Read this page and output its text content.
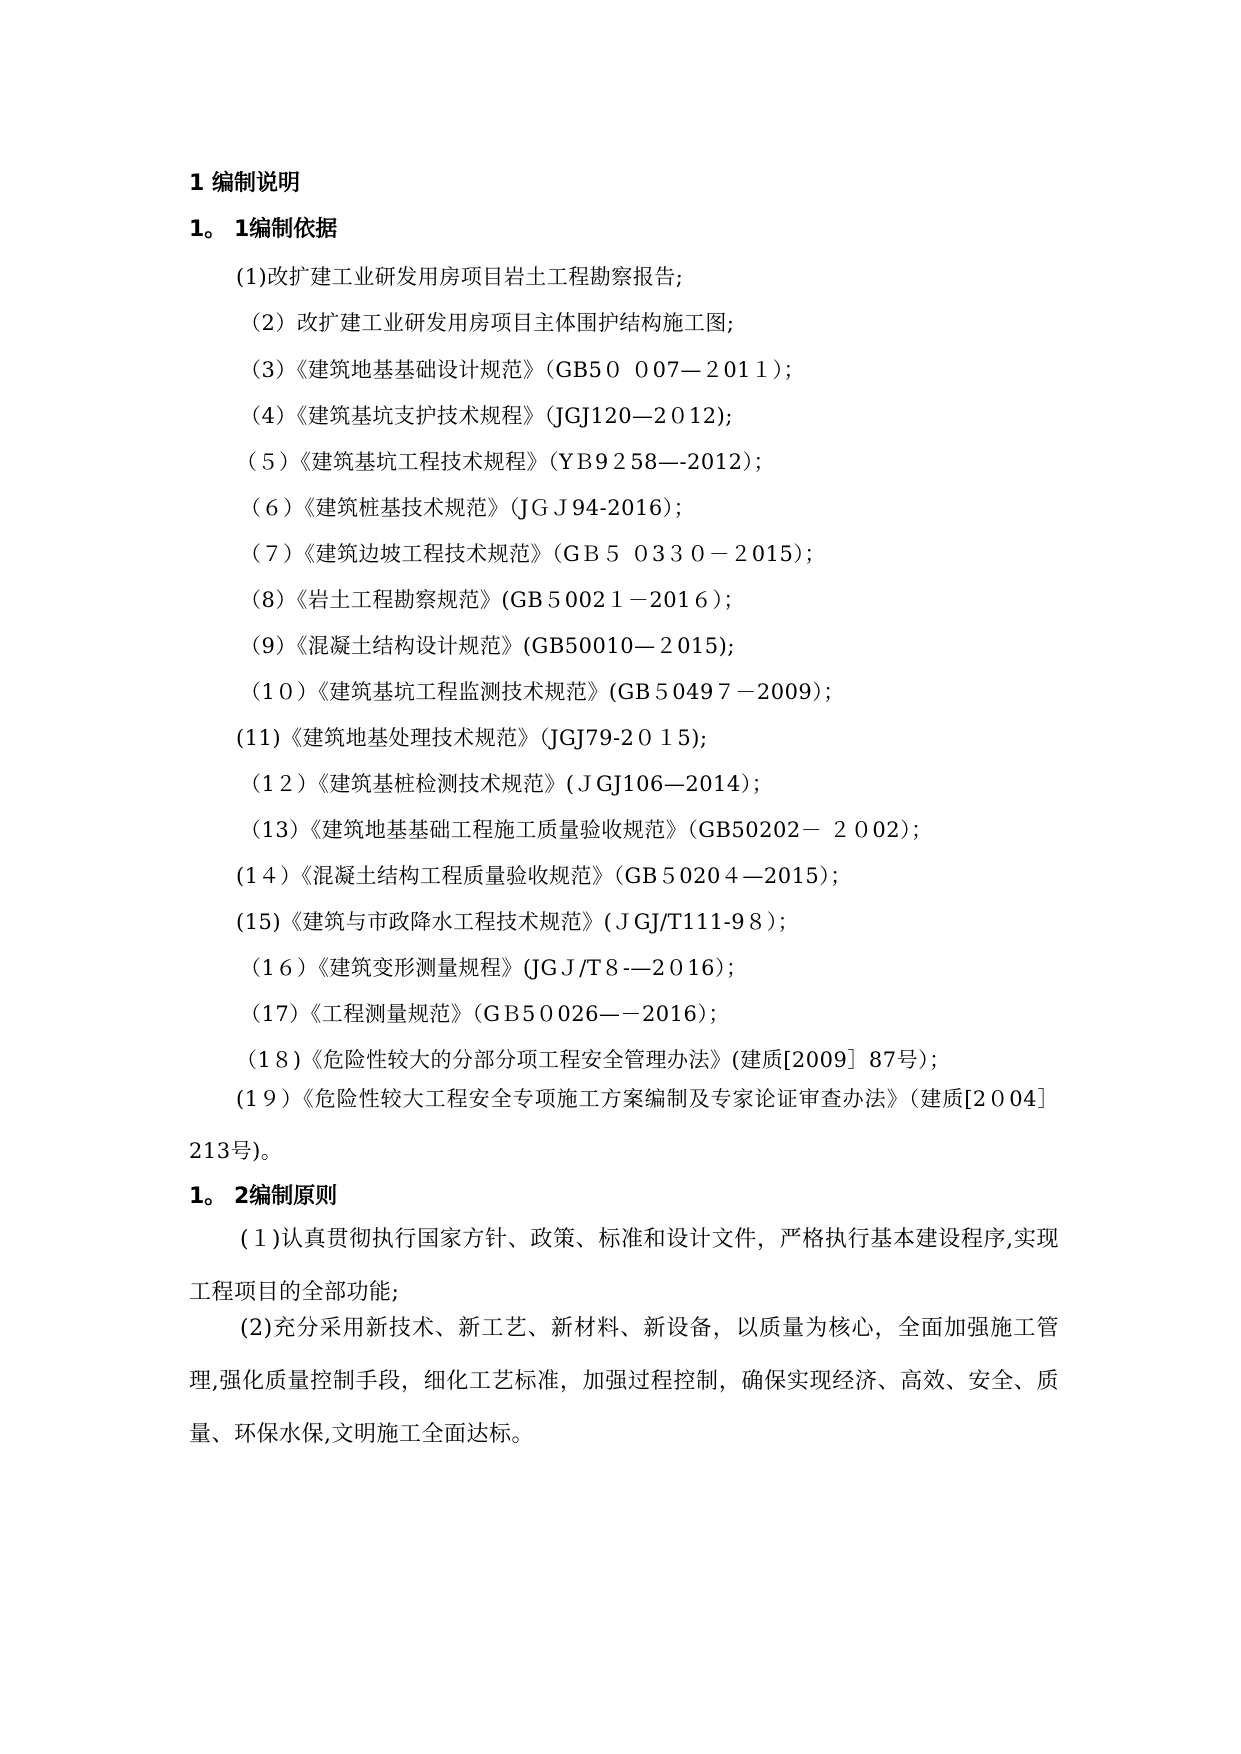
1 编制说明
1。 1编制依据
(1)改扩建工业研发用房项目岩土工程勘察报告;
（2）改扩建工业研发用房项目主体围护结构施工图;
（3）《建筑地基基础设计规范》（GB5０ ０07—２01１）；
（4）《建筑基坑支护技术规程》（JGJ120—2０12);
（５）《建筑基坑工程技术规程》（YＢ9２58—-2012）；
（６）《建筑桩基技术规范》（JＧＪ94-2016）；
（７）《建筑边坡工程技术规范》（GＢ５ ０3３０－２015）；
（8）《岩土工程勘察规范》(GB５002１－201６）；
（9）《混凝土结构设计规范》(GB50010—２015);
（1０）《建筑基坑工程监测技术规范》(GB５049７－2009）；
(11)《建筑地基处理技术规范》（JGJ79-2０１5);
（1２）《建筑基桩检测技术规范》(ＪGJ106—2014）；
（13）《建筑地基基础工程施工质量验收规范》（GB50202－ ２０02）；
(1４）《混凝土结构工程质量验收规范》（GB５020４—2015）；
(15)《建筑与市政降水工程技术规范》(ＪGJ/T111-9８）；
（1６）《建筑变形测量规程》(JGＪ/T８-—2０16）；
（17）《工程测量规范》（GＢ5０026—－2016）；
（1８)《危险性较大的分部分项工程安全管理办法》(建质[2009］87号）；
(1９）《危险性较大工程安全专项施工方案编制及专家论证审查办法》（建质[2０04］ 213号)。
1。 2编制原则
(１)认真贯彻执行国家方针、政策、标准和设计文件，严格执行基本建设程序,实现工程项目的全部功能;
(2)充分采用新技术、新工艺、新材料、新设备，以质量为核心，全面加强施工管理,强化质量控制手段，细化工艺标准，加强过程控制，确保实现经济、高效、安全、质量、环保水保,文明施工全面达标。
